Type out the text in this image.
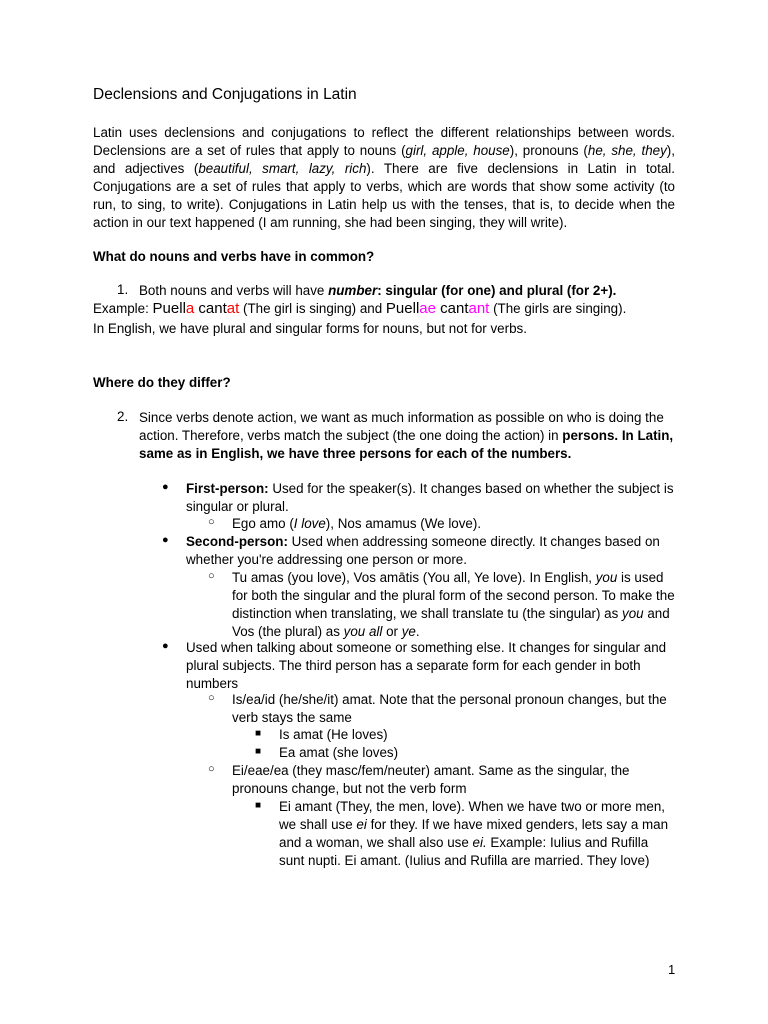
Declensions and Conjugations in Latin
Latin uses declensions and conjugations to reflect the different relationships between words. Declensions are a set of rules that apply to nouns (girl, apple, house), pronouns (he, she, they), and adjectives (beautiful, smart, lazy, rich). There are five declensions in Latin in total. Conjugations are a set of rules that apply to verbs, which are words that show some activity (to run, to sing, to write). Conjugations in Latin help us with the tenses, that is, to decide when the action in our text happened (I am running, she had been singing, they will write).
What do nouns and verbs have in common?
1. Both nouns and verbs will have number: singular (for one) and plural (for 2+).
Example: Puella cantat (The girl is singing) and Puellae cantant (The girls are singing).
In English, we have plural and singular forms for nouns, but not for verbs.
Where do they differ?
2. Since verbs denote action, we want as much information as possible on who is doing the action. Therefore, verbs match the subject (the one doing the action) in persons. In Latin, same as in English, we have three persons for each of the numbers.
● First-person: Used for the speaker(s). It changes based on whether the subject is singular or plural.
○ Ego amo (I love), Nos amamus (We love).
● Second-person: Used when addressing someone directly. It changes based on whether you're addressing one person or more.
○ Tu amas (you love), Vos amātis (You all, Ye love). In English, you is used for both the singular and the plural form of the second person. To make the distinction when translating, we shall translate tu (the singular) as you and Vos (the plural) as you all or ye.
● Used when talking about someone or something else. It changes for singular and plural subjects. The third person has a separate form for each gender in both numbers
○ Is/ea/id (he/she/it) amat. Note that the personal pronoun changes, but the verb stays the same
■ Is amat (He loves)
■ Ea amat (she loves)
○ Ei/eae/ea (they masc/fem/neuter) amant. Same as the singular, the pronouns change, but not the verb form
■ Ei amant (They, the men, love). When we have two or more men, we shall use ei for they. If we have mixed genders, lets say a man and a woman, we shall also use ei. Example: Iulius and Rufilla sunt nupti. Ei amant. (Iulius and Rufilla are married. They love)
1
